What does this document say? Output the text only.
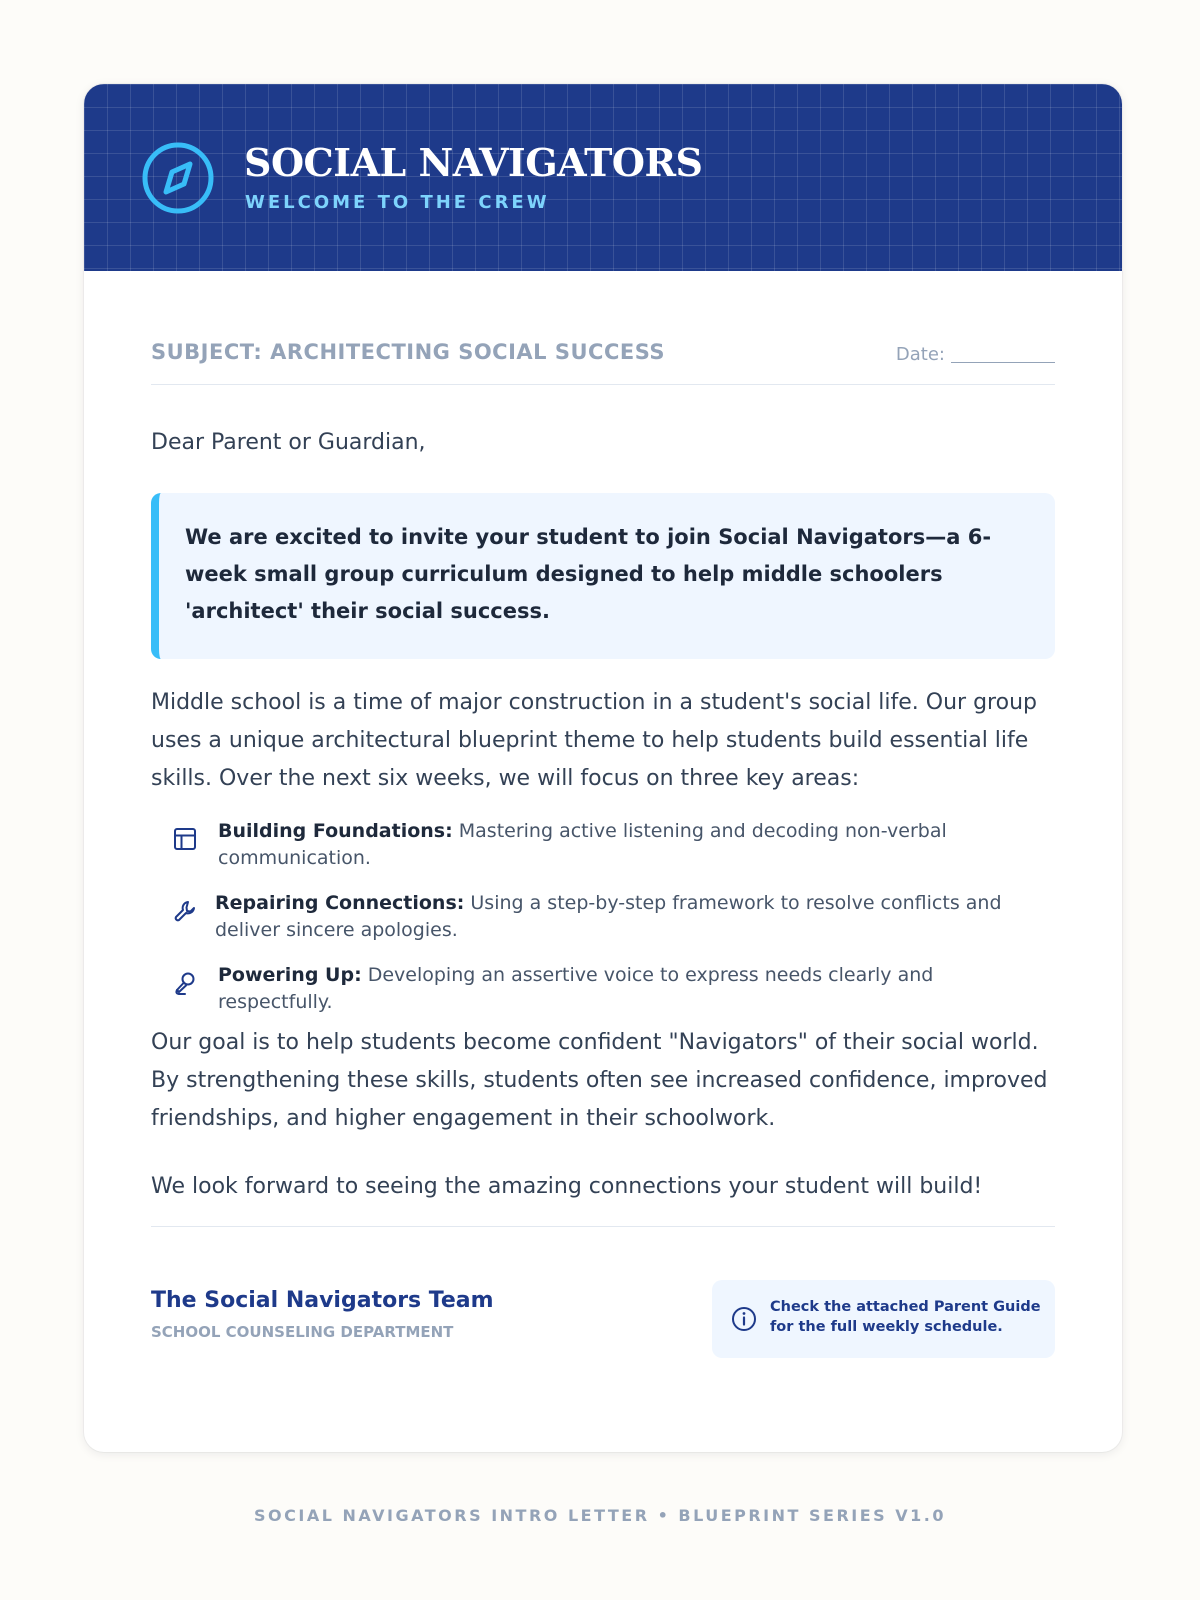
SOCIAL NAVIGATORS
WELCOME TO THE CREW
SUBJECT: ARCHITECTING SOCIAL SUCCESS	Date:
Dear Parent or Guardian,
We are excited to invite your student to join Social Navigators—a 6-week small group curriculum designed to help middle schoolers 'architect' their social success.
Middle school is a time of major construction in a student's social life. Our group uses a unique architectural blueprint theme to help students build essential life skills. Over the next six weeks, we will focus on three key areas:
Building Foundations: Mastering active listening and decoding non-verbal communication.
Repairing Connections: Using a step-by-step framework to resolve conflicts and deliver sincere apologies.
Powering Up: Developing an assertive voice to express needs clearly and respectfully.
Our goal is to help students become confident "Navigators" of their social world. By strengthening these skills, students often see increased confidence, improved friendships, and higher engagement in their schoolwork.
We look forward to seeing the amazing connections your student will build!
The Social Navigators Team
SCHOOL COUNSELING DEPARTMENT
Check the attached Parent Guide for the full weekly schedule.
SOCIAL NAVIGATORS INTRO LETTER • BLUEPRINT SERIES V1.0
